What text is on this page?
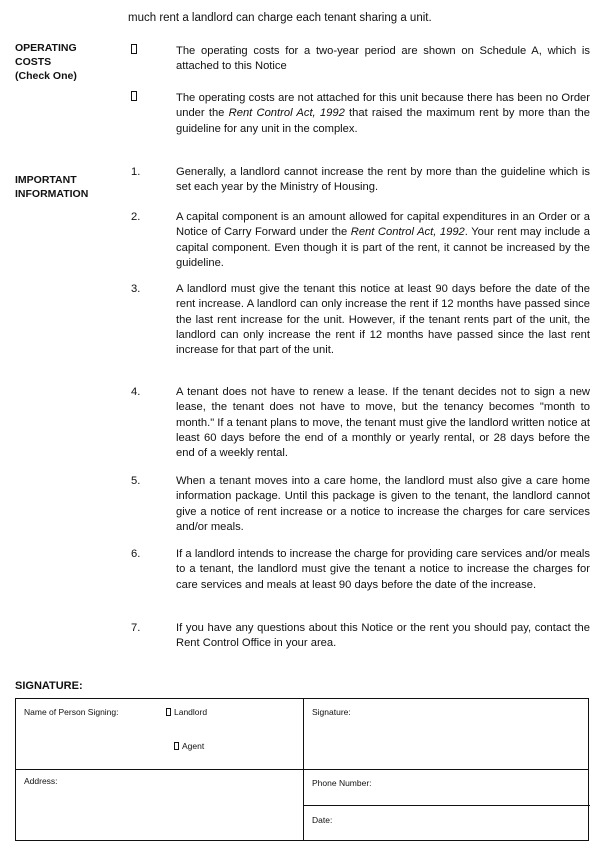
much rent a landlord can charge each tenant sharing a unit.
OPERATING
COSTS
(Check One)
The operating costs for a two-year period are shown on Schedule A, which is attached to this Notice
The operating costs are not attached for this unit because there has been no Order under the Rent Control Act, 1992 that raised the maximum rent by more than the guideline for any unit in the complex.
IMPORTANT
INFORMATION
1.	Generally, a landlord cannot increase the rent by more than the guideline which is set each year by the Ministry of Housing.
2.	A capital component is an amount allowed for capital expenditures in an Order or a Notice of Carry Forward under the Rent Control Act, 1992. Your rent may include a capital component. Even though it is part of the rent, it cannot be increased by the guideline.
3.	A landlord must give the tenant this notice at least 90 days before the date of the rent increase. A landlord can only increase the rent if 12 months have passed since the last rent increase for the unit. However, if the tenant rents part of the unit, the landlord can only increase the rent if 12 months have passed since the last rent increase for that part of the unit.
4.	A tenant does not have to renew a lease. If the tenant decides not to sign a new lease, the tenant does not have to move, but the tenancy becomes "month to month." If a tenant plans to move, the tenant must give the landlord written notice at least 60 days before the end of a monthly or yearly rental, or 28 days before the end of a weekly rental.
5.	When a tenant moves into a care home, the landlord must also give a care home information package. Until this package is given to the tenant, the landlord cannot give a notice of rent increase or a notice to increase the charges for care services and/or meals.
6.	If a landlord intends to increase the charge for providing care services and/or meals to a tenant, the landlord must give the tenant a notice to increase the charges for care services and meals at least 90 days before the date of the increase.
7.	If you have any questions about this Notice or the rent you should pay, contact the Rent Control Office in your area.
SIGNATURE:
Name of Person Signing:	Landlord
Agent
Signature:
Address:	Phone Number:
Date:
